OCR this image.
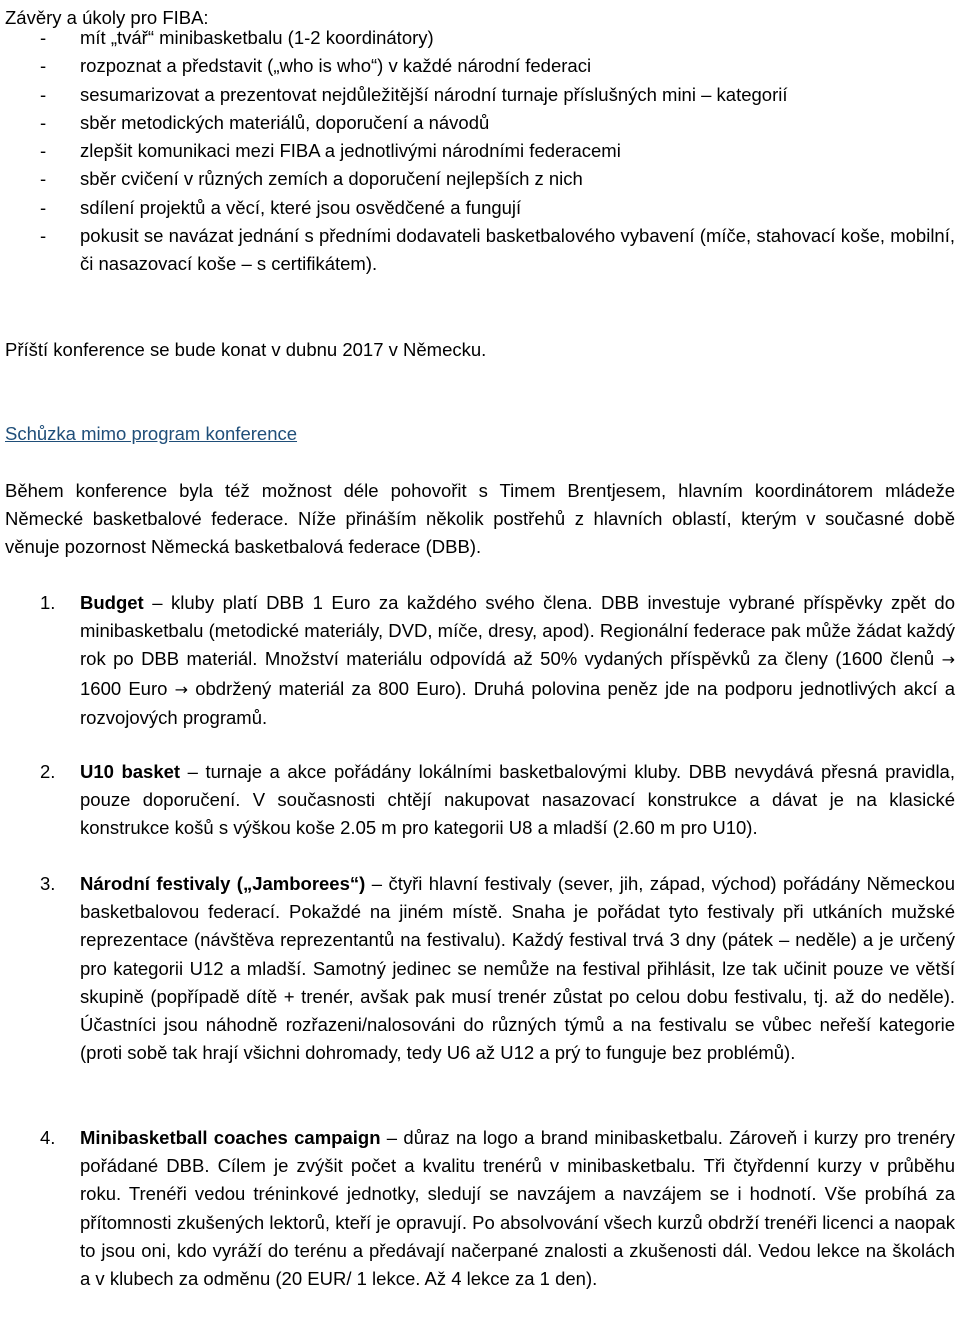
Závěry a úkoly pro FIBA:
- mít „tvář“ minibasketbalu (1-2 koordinátory)
- rozpoznat a představit („who is who“) v každé národní federaci
- sesumarizovat a prezentovat nejdůležitější národní turnaje příslušných mini – kategorií
- sběr metodických materiálů, doporučení a návodů
- zlepšit komunikaci mezi FIBA a jednotlivými národními federacemi
- sběr cvičení v různých zemích a doporučení nejlepších z nich
- sdílení projektů a věcí, které jsou osvědčené a fungují
- pokusit se navázat jednání s předními dodavateli basketbalového vybavení (míče, stahovací koše, mobilní, či nasazovací koše – s certifikátem).
Příští konference se bude konat v dubnu 2017 v Německu.
Schůzka mimo program konference
Během konference byla též možnost déle pohovořit s Timem Brentjesem, hlavním koordinátorem mládeže Německé basketbalové federace. Níže přináším několik postřehů z hlavních oblastí, kterým v současné době věnuje pozornost Německá basketbalová federace (DBB).
1. Budget – kluby platí DBB 1 Euro za každého svého člena. DBB investuje vybrané příspěvky zpět do minibasketbalu (metodické materiály, DVD, míče, dresy, apod). Regionální federace pak může žádat každý rok po DBB materiál. Množství materiálu odpovídá až 50% vydaných příspěvků za členy (1600 členů → 1600 Euro → obdržený materiál za 800 Euro). Druhá polovina peněz jde na podporu jednotlivých akcí a rozvojových programů.
2. U10 basket – turnaje a akce pořádány lokálními basketbalovými kluby. DBB nevydává přesná pravidla, pouze doporučení. V současnosti chtějí nakupovat nasazovací konstrukce a dávat je na klasické konstrukce košů s výškou koše 2.05 m pro kategorii U8 a mladší (2.60 m pro U10).
3. Národní festivaly („Jamborees“) – čtyři hlavní festivaly (sever, jih, západ, východ) pořádány Německou basketbalovou federací. Pokaždé na jiném místě. Snaha je pořádat tyto festivaly při utkáních mužské reprezentace (návštěva reprezentantů na festivalu). Každý festival trvá 3 dny (pátek – neděle) a je určený pro kategorii U12 a mladší. Samotný jedinec se nemůže na festival přihlásit, lze tak učinit pouze ve větší skupině (popřípadě dítě + trenér, avšak pak musí trenér zůstat po celou dobu festivalu, tj. až do neděle). Účastníci jsou náhodně rozřazeni/nalosováni do různých týmů a na festivalu se vůbec neřeší kategorie (proti sobě tak hrají všichni dohromady, tedy U6 až U12 a prý to funguje bez problémů).
4. Minibasketball coaches campaign – důraz na logo a brand minibasketbalu. Zároveň i kurzy pro trenéry pořádané DBB. Cílem je zvýšit počet a kvalitu trenérů v minibasketbalu. Tři čtyřdenní kurzy v průběhu roku. Trenéři vedou tréninkové jednotky, sledují se navzájem a navzájem se i hodnotí. Vše probíhá za přítomnosti zkušených lektorů, kteří je opravují. Po absolvování všech kurzů obdrží trenéři licenci a naopak to jsou oni, kdo vyráží do terénu a předávají načerpané znalosti a zkušenosti dál. Vedou lekce na školách a v klubech za odměnu (20 EUR/ 1 lekce. Až 4 lekce za 1 den).
